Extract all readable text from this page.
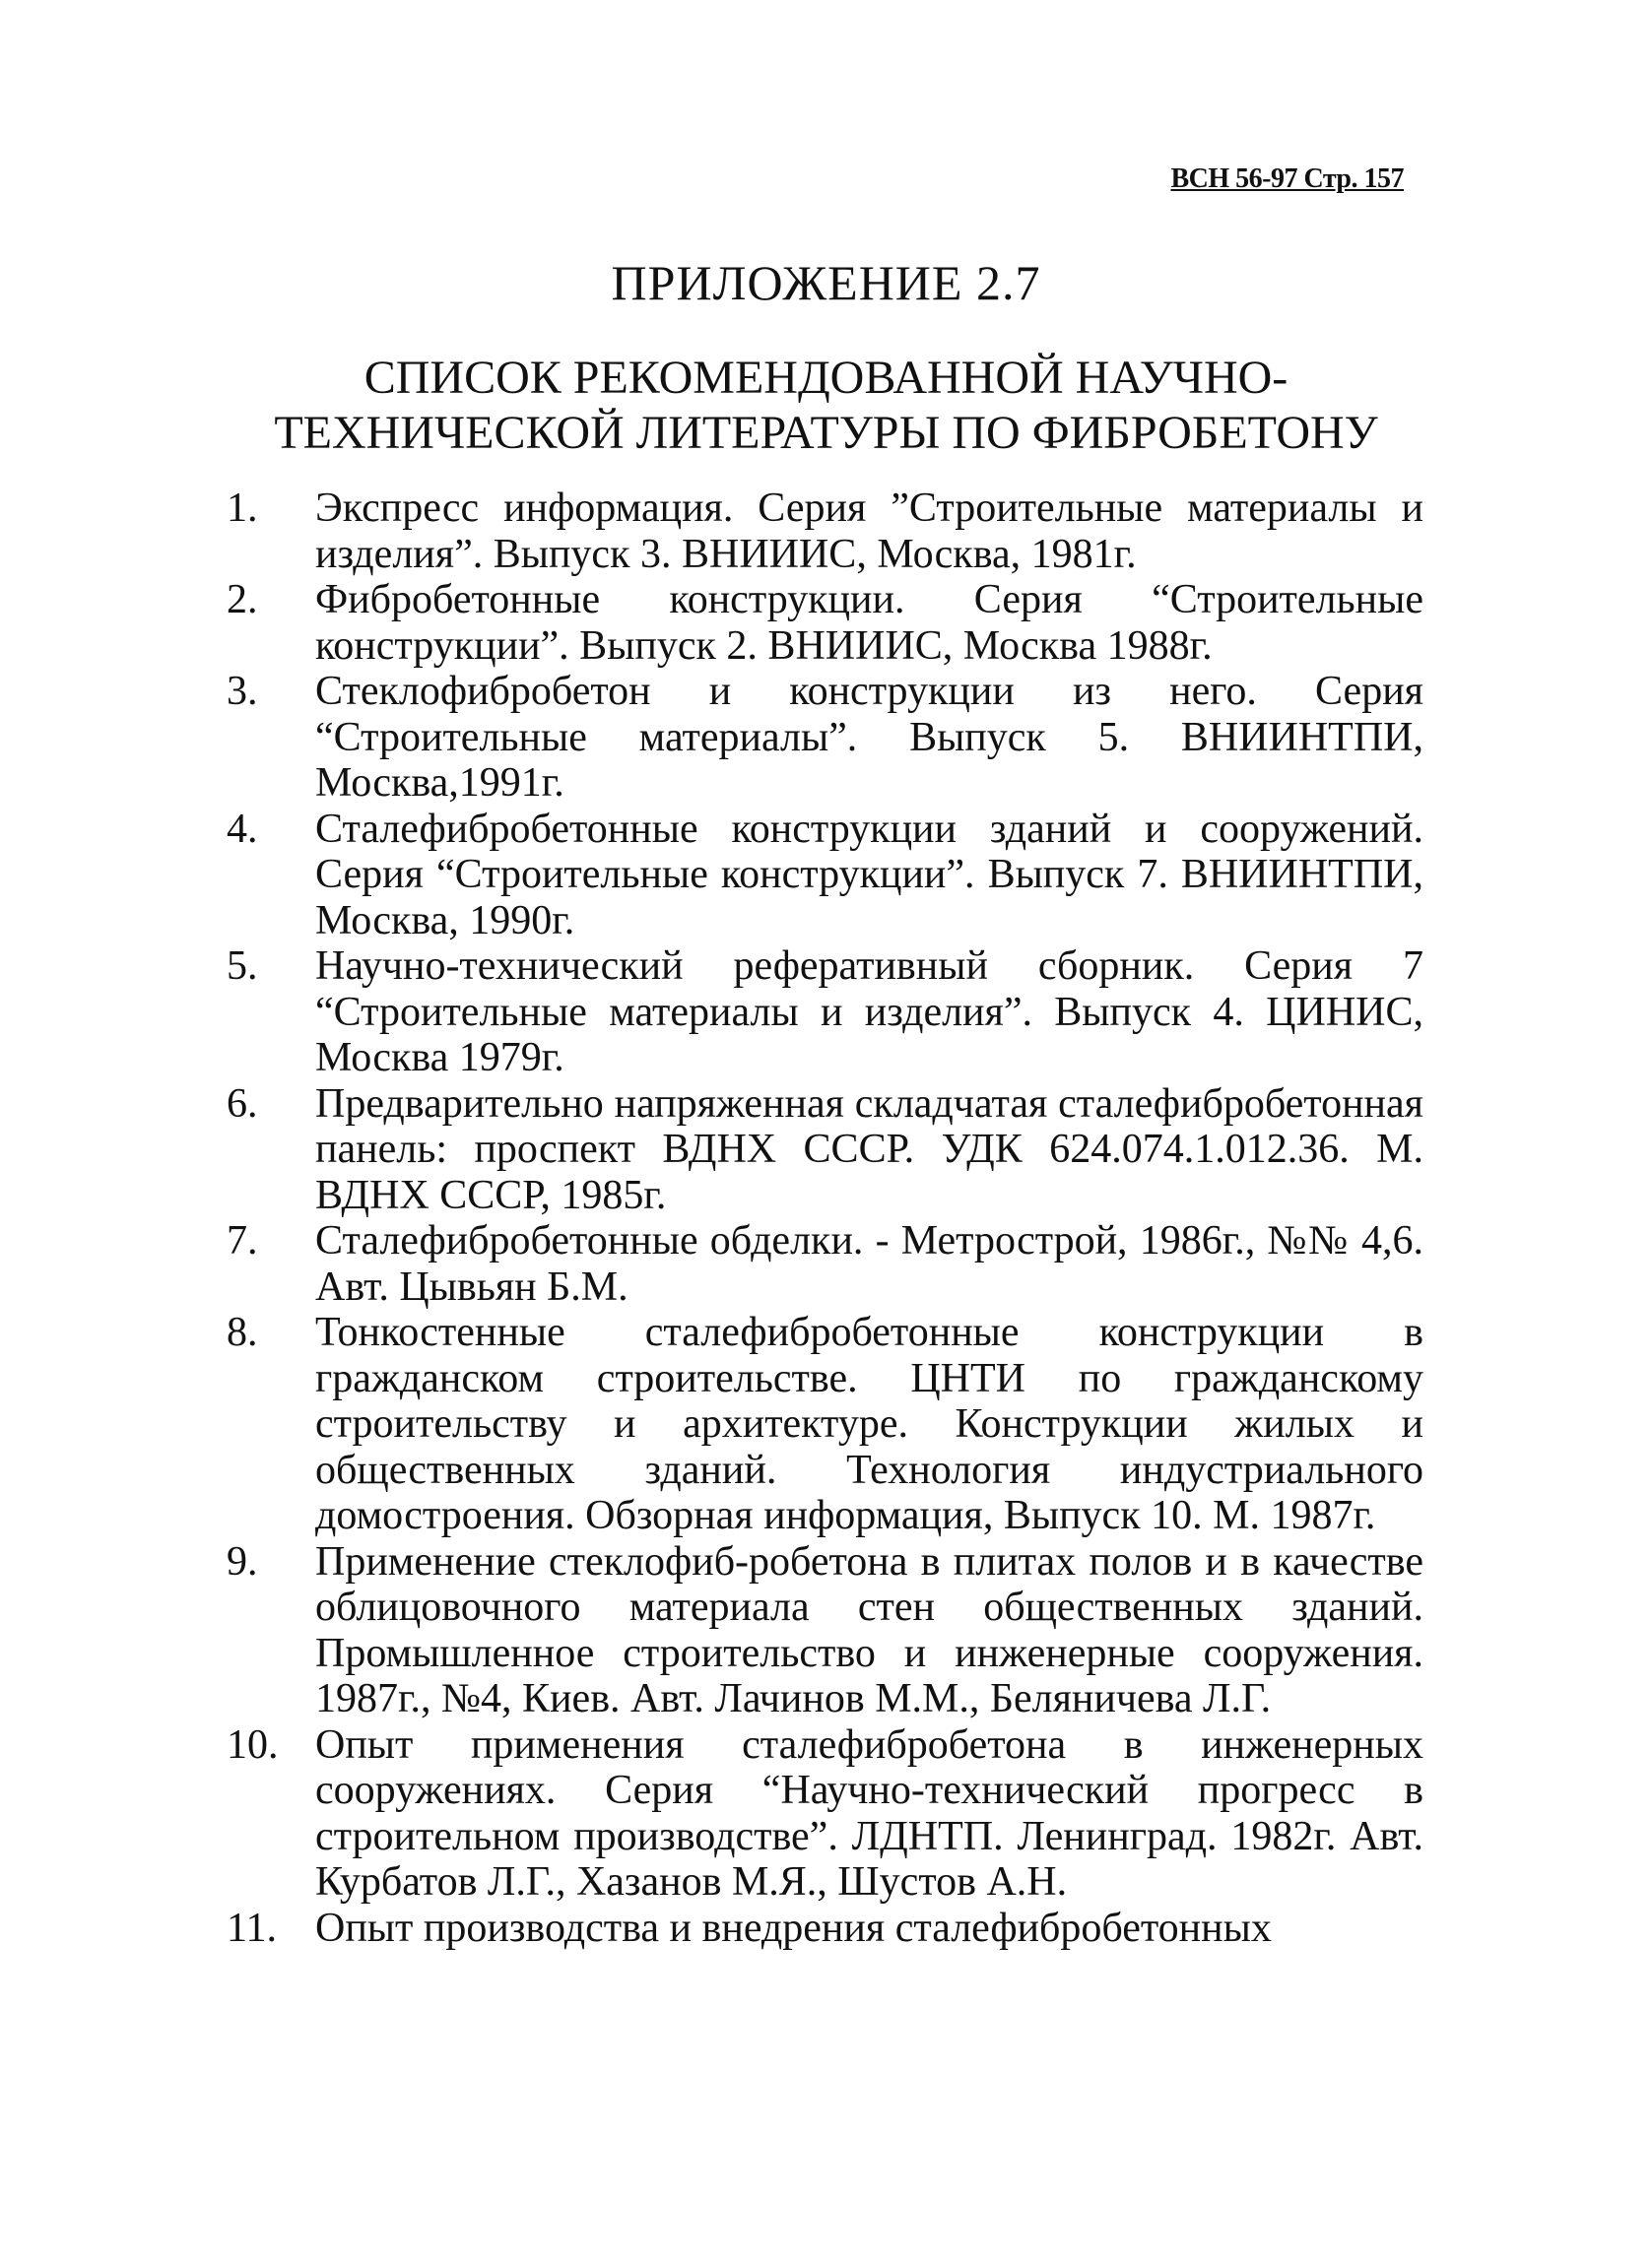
ВСН 56-97 Стр. 157
ПРИЛОЖЕНИЕ 2.7
СПИСОК РЕКОМЕНДОВАННОЙ НАУЧНО-
ТЕХНИЧЕСКОЙ ЛИТЕРАТУРЫ ПО ФИБРОБЕТОНУ
1.	Экспресс информация. Серия ”Строительные материалы и изделия”. Выпуск 3. ВНИИИС, Москва, 1981г.
2.	Фибробетонные конструкции. Серия “Строительные конструкции”. Выпуск 2. ВНИИИС, Москва 1988г.
3.	Стеклофибробетон и конструкции из него. Серия “Строительные материалы”. Выпуск 5. ВНИИНТПИ, Москва,1991г.
4.	Сталефибробетонные конструкции зданий и сооружений. Серия “Строительные конструкции”. Выпуск 7. ВНИИНТПИ, Москва, 1990г.
5.	Научно-технический реферативный сборник. Серия 7 “Строительные материалы и изделия”. Выпуск 4. ЦИНИС, Москва 1979г.
6.	Предварительно напряженная складчатая сталефибробетонная панель: проспект ВДНХ СССР. УДК 624.074.1.012.36. М. ВДНХ СССР, 1985г.
7.	Сталефибробетонные обделки. - Метрострой, 1986г., №№ 4,6. Авт. Цывьян Б.М.
8.	Тонкостенные сталефибробетонные конструкции в гражданском строительстве. ЦНТИ по гражданскому строительству и архитектуре. Конструкции жилых и общественных зданий. Технология индустриального домостроения. Обзорная информация, Выпуск 10. М. 1987г.
9.	Применение стеклофиб-робетона в плитах полов и в качестве облицовочного материала стен общественных зданий. Промышленное строительство и инженерные сооружения. 1987г., №4, Киев. Авт. Лачинов М.М., Беляничева Л.Г.
10. Опыт применения сталефибробетона в инженерных сооружениях. Серия “Научно-технический прогресс в строительном производстве”. ЛДНТП. Ленинград. 1982г. Авт. Курбатов Л.Г., Хазанов М.Я., Шустов А.Н.
11. Опыт производства и внедрения сталефибробетонных
